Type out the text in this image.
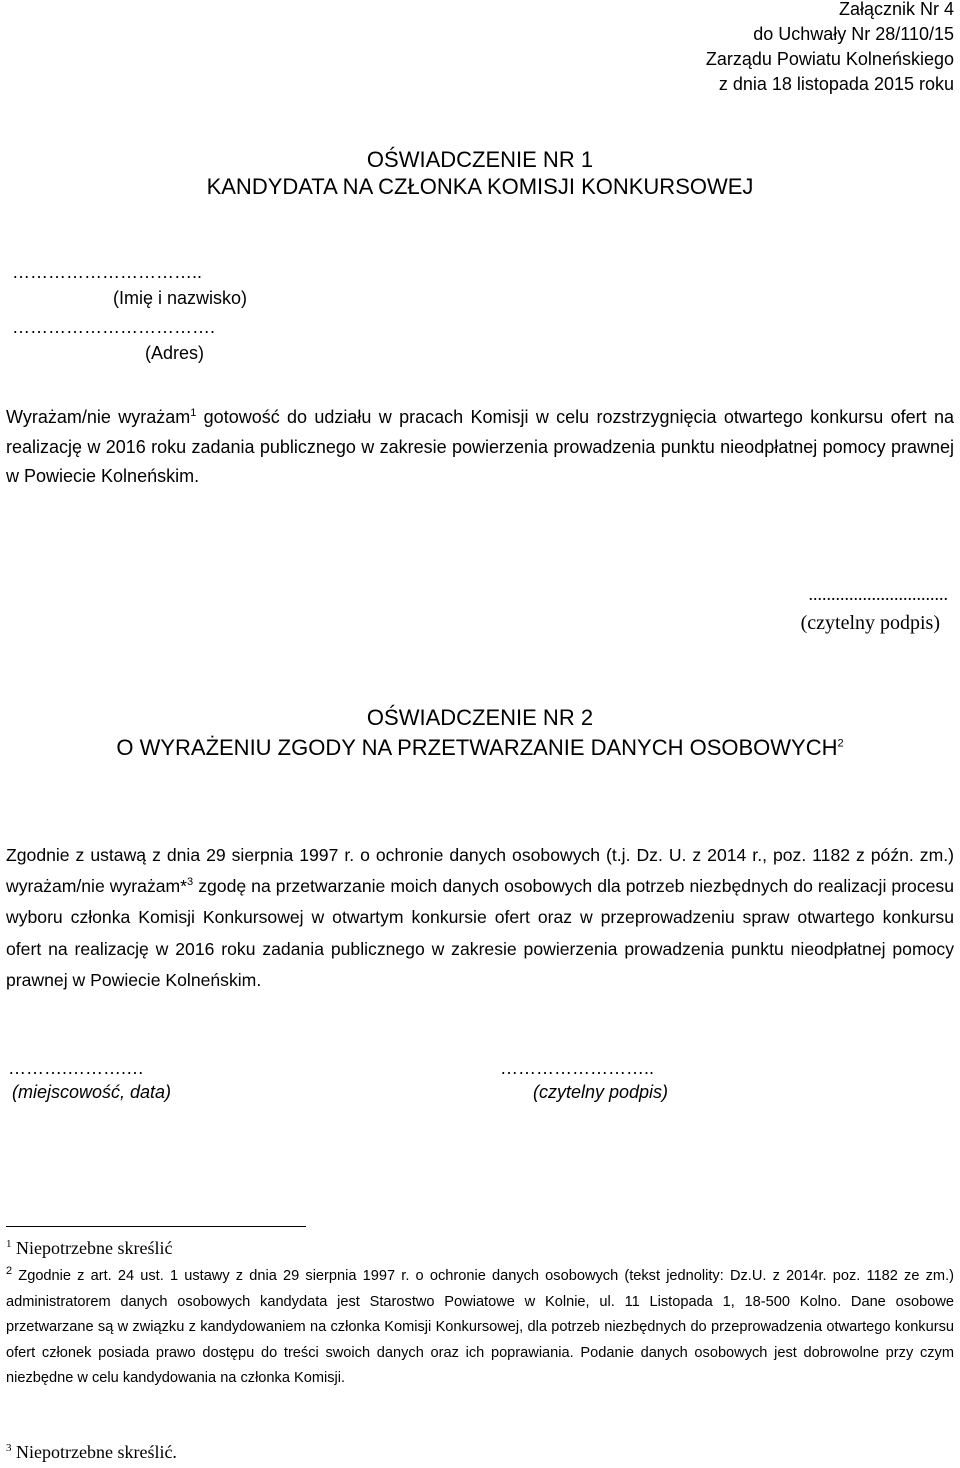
Załącznik Nr 4
do Uchwały Nr 28/110/15
Zarządu Powiatu Kolneńskiego
z dnia 18 listopada 2015 roku
OŚWIADCZENIE NR 1
KANDYDATA NA CZŁONKA KOMISJI KONKURSOWEJ
…………………………..
(Imię i nazwisko)
…………………………….
(Adres)
Wyrażam/nie wyrażam$^1$ gotowość do udziału w pracach Komisji w celu rozstrzygnięcia otwartego konkursu ofert na realizację w 2016 roku zadania publicznego w zakresie powierzenia prowadzenia punktu nieodpłatnej pomocy prawnej w Powiecie Kolneńskim.
...............................
(czytelny podpis)
OŚWIADCZENIE NR 2
O WYRAŻENIU ZGODY NA PRZETWARZANIE DANYCH OSOBOWYCH$^2$
Zgodnie z ustawą z dnia 29 sierpnia 1997 r. o ochronie danych osobowych (t.j. Dz. U. z 2014 r., poz. 1182 z późn. zm.) wyrażam/nie wyrażam*$^3$ zgodę na przetwarzanie moich danych osobowych dla potrzeb niezbędnych do realizacji procesu wyboru członka Komisji Konkursowej w otwartym konkursie ofert oraz w przeprowadzeniu spraw otwartego konkursu ofert na realizację w 2016 roku zadania publicznego w zakresie powierzenia prowadzenia punktu nieodpłatnej pomocy prawnej w Powiecie Kolneńskim.
……….……….…
(miejscowość, data)
……………………..
(czytelny podpis)
$^1$ Niepotrzebne skreślić
$^2$ Zgodnie z art. 24 ust. 1 ustawy z dnia 29 sierpnia 1997 r. o ochronie danych osobowych (tekst jednolity: Dz.U. z 2014r. poz. 1182 ze zm.) administratorem danych osobowych kandydata jest Starostwo Powiatowe w Kolnie, ul. 11 Listopada 1, 18-500 Kolno. Dane osobowe przetwarzane są w związku z kandydowaniem na członka Komisji Konkursowej, dla potrzeb niezbędnych do przeprowadzenia otwartego konkursu ofert członek posiada prawo dostępu do treści swoich danych oraz ich poprawiania. Podanie danych osobowych jest dobrowolne przy czym niezbędne w celu kandydowania na członka Komisji.
$^3$ Niepotrzebne skreślić.
